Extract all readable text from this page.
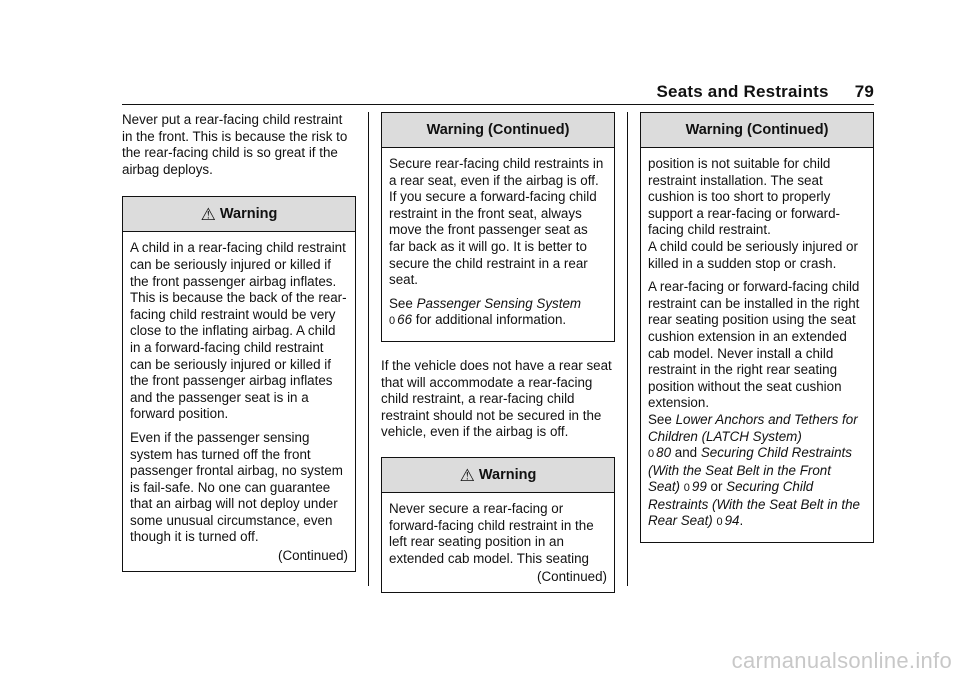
Seats and Restraints 79

Never put a rear-facing child restraint in the front. This is because the risk to the rear-facing child is so great if the airbag deploys.

⚠ Warning

A child in a rear-facing child restraint can be seriously injured or killed if the front passenger airbag inflates. This is because the back of the rear-facing child restraint would be very close to the inflating airbag. A child in a forward-facing child restraint can be seriously injured or killed if the front passenger airbag inflates and the passenger seat is in a forward position.

Even if the passenger sensing system has turned off the front passenger frontal airbag, no system is fail-safe. No one can guarantee that an airbag will not deploy under some unusual circumstance, even though it is turned off.

(Continued)
Warning (Continued)

Secure rear-facing child restraints in a rear seat, even if the airbag is off. If you secure a forward-facing child restraint in the front seat, always move the front passenger seat as far back as it will go. It is better to secure the child restraint in a rear seat.

See Passenger Sensing System
0 66 for additional information.

If the vehicle does not have a rear seat that will accommodate a rear-facing child restraint, a rear-facing child restraint should not be secured in the vehicle, even if the airbag is off.

⚠ Warning

Never secure a rear-facing or forward-facing child restraint in the left rear seating position in an extended cab model. This seating

(Continued)
Warning (Continued)

position is not suitable for child restraint installation. The seat cushion is too short to properly support a rear-facing or forward-facing child restraint.

A child could be seriously injured or killed in a sudden stop or crash.

A rear-facing or forward-facing child restraint can be installed in the right rear seating position using the seat cushion extension in an extended cab model. Never install a child restraint in the right rear seating position without the seat cushion extension.

See Lower Anchors and Tethers for Children (LATCH System)
0 80 and Securing Child Restraints (With the Seat Belt in the Front Seat) 0 99 or Securing Child Restraints (With the Seat Belt in the Rear Seat) 0 94.

carmanualsonline.info
